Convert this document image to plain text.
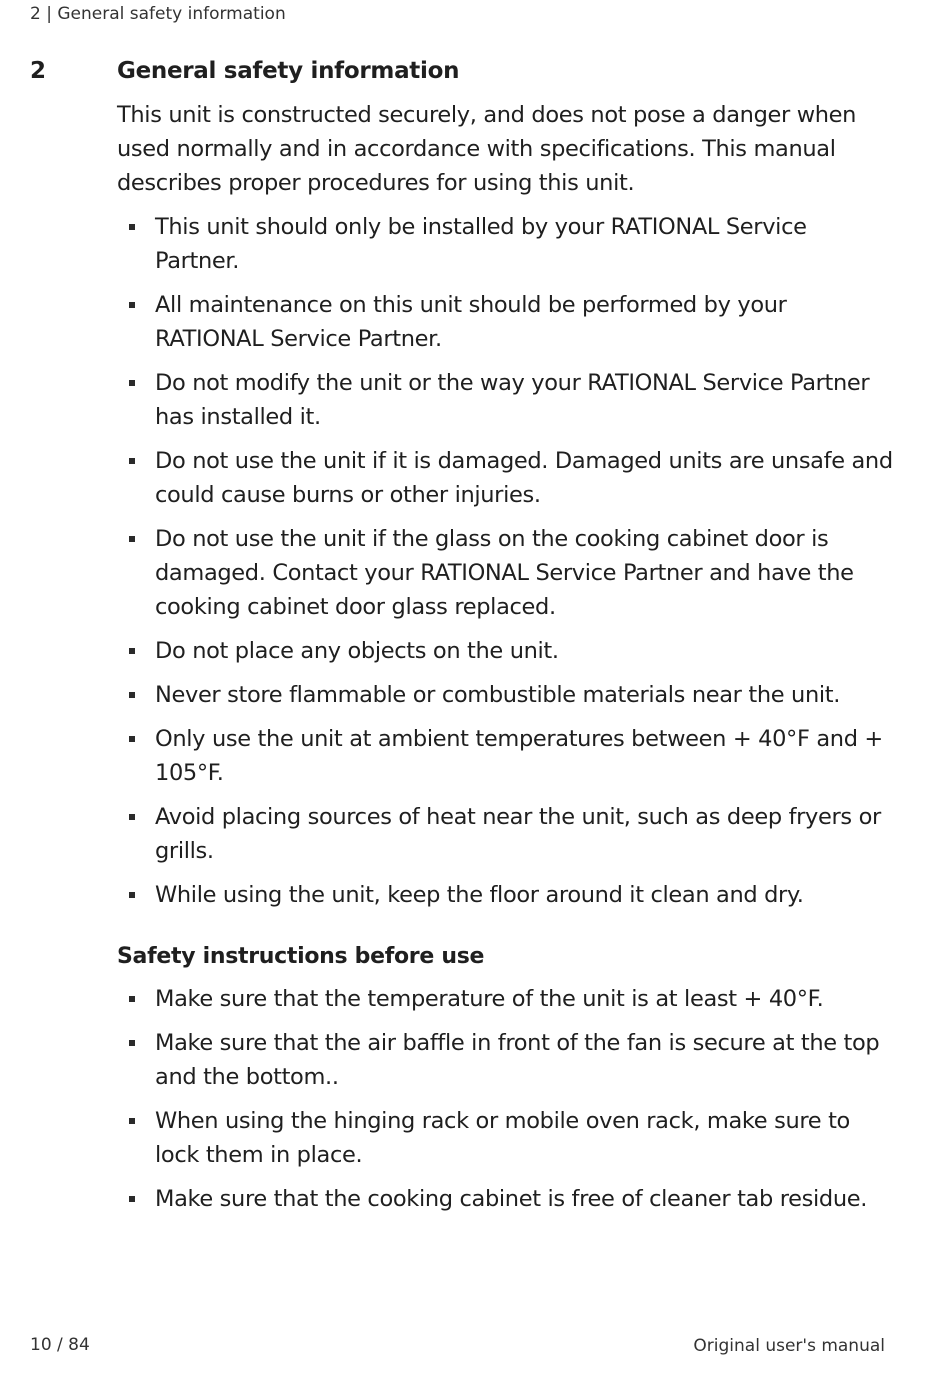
2 | General safety information
2	General safety information

This unit is constructed securely, and does not pose a danger when used normally and in accordance with specifications. This manual describes proper procedures for using this unit.

This unit should only be installed by your RATIONAL Service Partner.
All maintenance on this unit should be performed by your RATIONAL Service Partner.
Do not modify the unit or the way your RATIONAL Service Partner has installed it.
Do not use the unit if it is damaged. Damaged units are unsafe and could cause burns or other injuries.
Do not use the unit if the glass on the cooking cabinet door is damaged. Contact your RATIONAL Service Partner and have the cooking cabinet door glass replaced.
Do not place any objects on the unit.
Never store flammable or combustible materials near the unit.
Only use the unit at ambient temperatures between + 40°F and + 105°F.
Avoid placing sources of heat near the unit, such as deep fryers or grills.
While using the unit, keep the floor around it clean and dry.
Safety instructions before use
Make sure that the temperature of the unit is at least + 40°F.
Make sure that the air baffle in front of the fan is secure at the top and the bottom..
When using the hinging rack or mobile oven rack, make sure to lock them in place.
Make sure that the cooking cabinet is free of cleaner tab residue.
10 / 84	Original user's manual
